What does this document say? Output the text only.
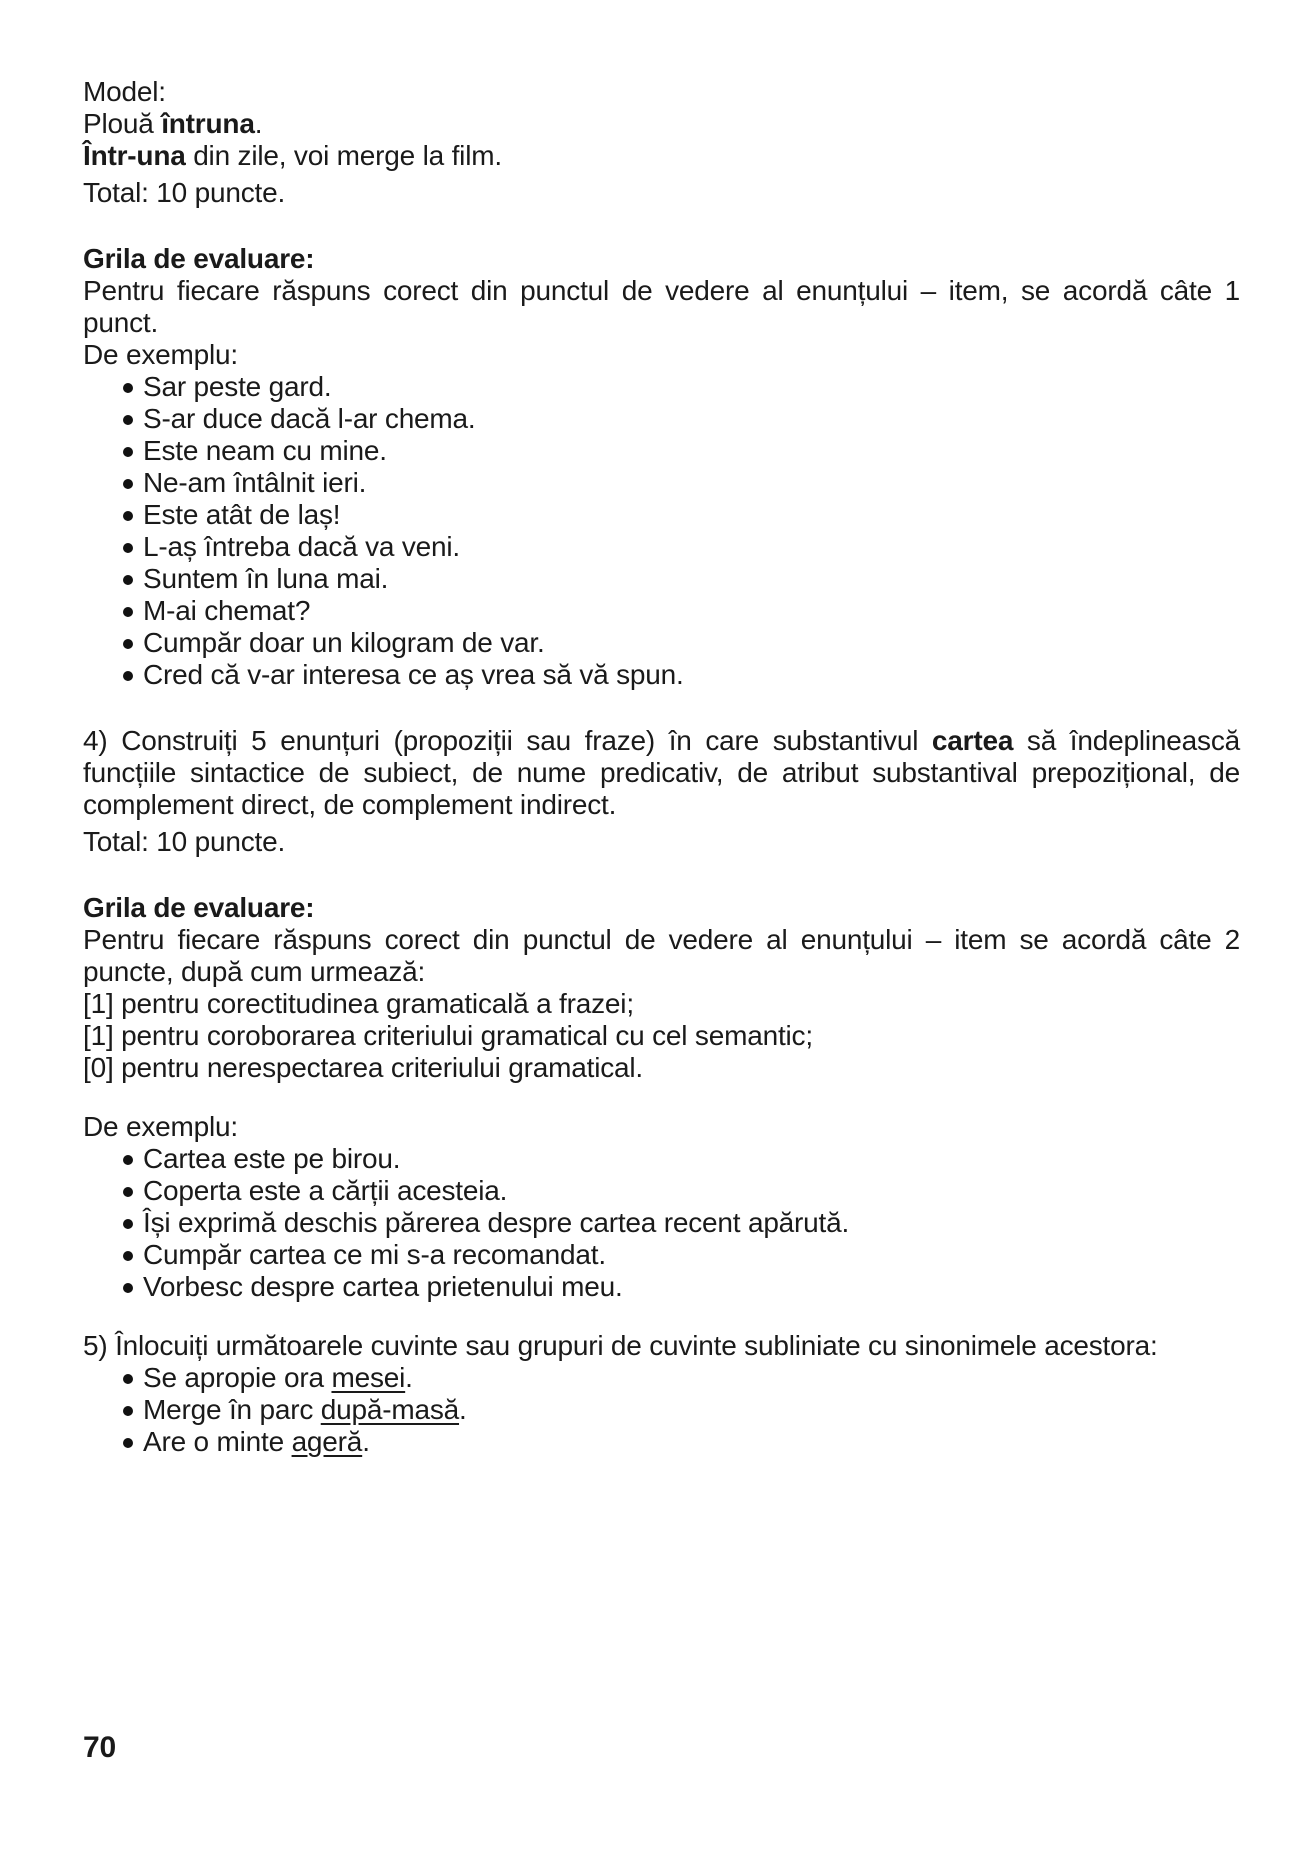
Model:

Plouă întruna.

Într-una din zile, voi merge la film.

Total: 10 puncte.

Grila de evaluare:

Pentru fiecare răspuns corect din punctul de vedere al enunțului – item, se acordă câte 1 punct.

De exemplu:

Sar peste gard.
S-ar duce dacă l-ar chema.
Este neam cu mine.
Ne-am întâlnit ieri.
Este atât de laș!
L-aș întreba dacă va veni.
Suntem în luna mai.
M-ai chemat?
Cumpăr doar un kilogram de var.
Cred că v-ar interesa ce aș vrea să vă spun.

4) Construiți 5 enunțuri (propoziții sau fraze) în care substantivul cartea să îndeplinească funcțiile sintactice de subiect, de nume predicativ, de atribut substantival prepozițional, de complement direct, de complement indirect.

Total: 10 puncte.

Grila de evaluare:

Pentru fiecare răspuns corect din punctul de vedere al enunțului – item se acordă câte 2 puncte, după cum urmează:

[1] pentru corectitudinea gramaticală a frazei;

[1] pentru coroborarea criteriului gramatical cu cel semantic;

[0] pentru nerespectarea criteriului gramatical.

De exemplu:

Cartea este pe birou.
Coperta este a cărții acesteia.
Își exprimă deschis părerea despre cartea recent apărută.
Cumpăr cartea ce mi s-a recomandat.
Vorbesc despre cartea prietenului meu.

5) Înlocuiți următoarele cuvinte sau grupuri de cuvinte subliniate cu sinonimele acestora:

Se apropie ora mesei.
Merge în parc după-masă.
Are o minte ageră.
70
